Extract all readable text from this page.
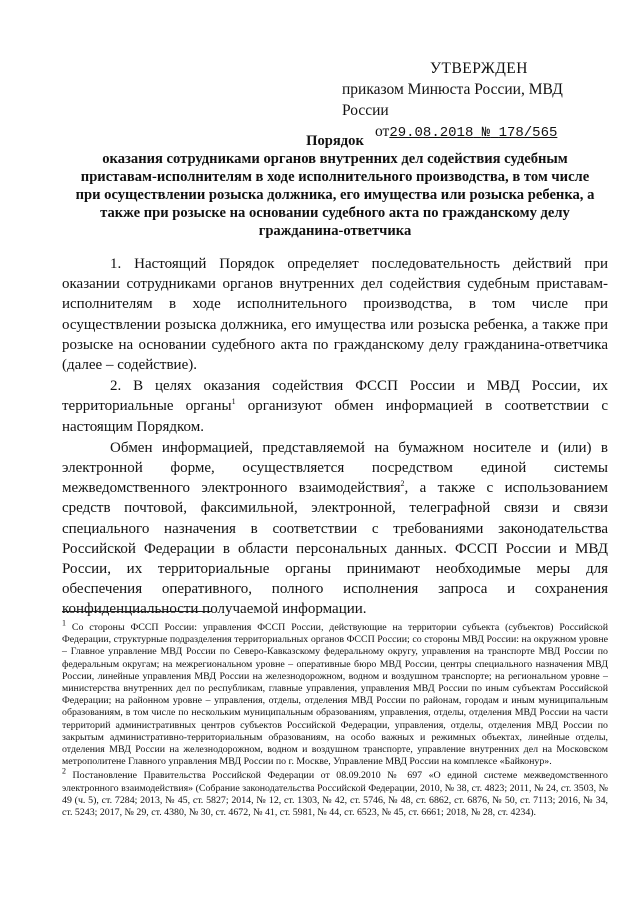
УТВЕРЖДЕН
приказом Минюста России, МВД России
от29.08.2018 № 178/565
Порядок
оказания сотрудниками органов внутренних дел содействия судебным приставам-исполнителям в ходе исполнительного производства, в том числе при осуществлении розыска должника, его имущества или розыска ребенка, а также при розыске на основании судебного акта по гражданскому делу гражданина-ответчика

1. Настоящий Порядок определяет последовательность действий при оказании сотрудниками органов внутренних дел содействия судебным приставам-исполнителям в ходе исполнительного производства, в том числе при осуществлении розыска должника, его имущества или розыска ребенка, а также при розыске на основании судебного акта по гражданскому делу гражданина-ответчика (далее – содействие).

2. В целях оказания содействия ФССП России и МВД России, их территориальные органы$^1$ организуют обмен информацией в соответствии с настоящим Порядком.

Обмен информацией, представляемой на бумажном носителе и (или) в электронной форме, осуществляется посредством единой системы межведомственного электронного взаимодействия$^2$, а также с использованием средств почтовой, факсимильной, электронной, телеграфной связи и связи специального назначения в соответствии с требованиями законодательства Российской Федерации в области персональных данных. ФССП России и МВД России, их территориальные органы принимают необходимые меры для обеспечения оперативного, полного исполнения запроса и сохранения конфиденциальности получаемой информации.

$^1$ Со стороны ФССП России: управления ФССП России, действующие на территории субъекта (субъектов) Российской Федерации, структурные подразделения территориальных органов ФССП России; со стороны МВД России: на окружном уровне – Главное управление МВД России по Северо-Кавказскому федеральному округу, управления на транспорте МВД России по федеральным округам; на межрегиональном уровне – оперативные бюро МВД России, центры специального назначения МВД России, линейные управления МВД России на железнодорожном, водном и воздушном транспорте; на региональном уровне – министерства внутренних дел по республикам, главные управления, управления МВД России по иным субъектам Российской Федерации; на районном уровне – управления, отделы, отделения МВД России по районам, городам и иным муниципальным образованиям, в том числе по нескольким муниципальным образованиям, управления, отделы, отделения МВД России на части территорий административных центров субъектов Российской Федерации, управления, отделы, отделения МВД России по закрытым административно-территориальным образованиям, на особо важных и режимных объектах, линейные отделы, отделения МВД России на железнодорожном, водном и воздушном транспорте, управление внутренних дел на Московском метрополитене Главного управления МВД России по г. Москве, Управление МВД России на комплексе «Байконур».

$^2$ Постановление Правительства Российской Федерации от 08.09.2010 № 697 «О единой системе межведомственного электронного взаимодействия» (Собрание законодательства Российской Федерации, 2010, № 38, ст. 4823; 2011, № 24, ст. 3503, № 49 (ч. 5), ст. 7284; 2013, № 45, ст. 5827; 2014, № 12, ст. 1303, № 42, ст. 5746, № 48, ст. 6862, ст. 6876, № 50, ст. 7113; 2016, № 34, ст. 5243; 2017, № 29, ст. 4380, № 30, ст. 4672, № 41, ст. 5981, № 44, ст. 6523, № 45, ст. 6661; 2018, № 28, ст. 4234).
